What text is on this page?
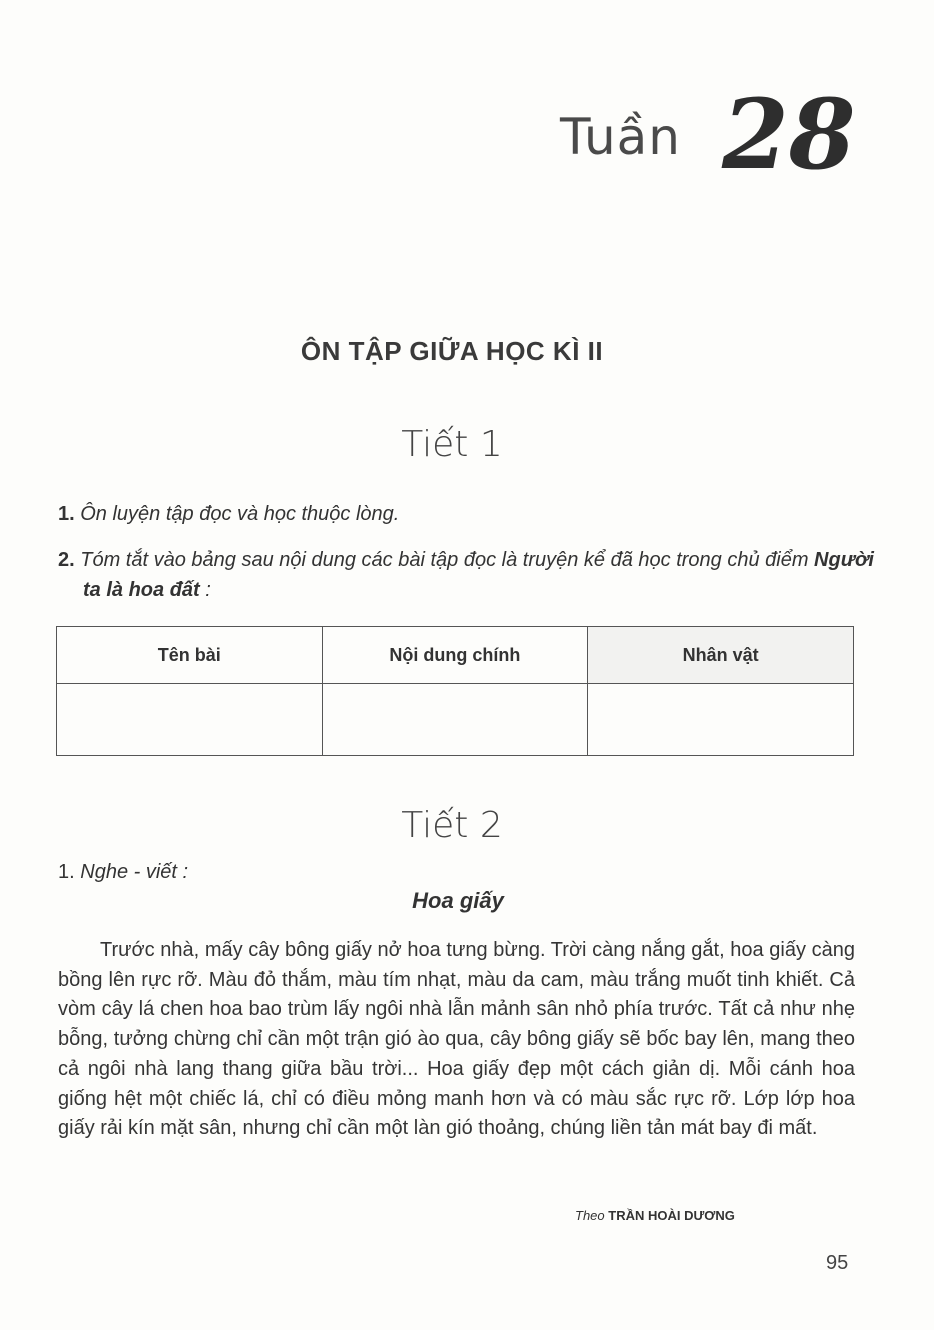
Tuần 28
ÔN TẬP GIỮA HỌC KÌ II
Tiết 1
1. Ôn luyện tập đọc và học thuộc lòng.
2. Tóm tắt vào bảng sau nội dung các bài tập đọc là truyện kể đã học trong chủ điểm Người ta là hoa đất :
Tên bài	Nội dung chính	Nhân vật

Tiết 2
1. Nghe - viết :
Hoa giấy

Trước nhà, mấy cây bông giấy nở hoa tưng bừng. Trời càng nắng gắt, hoa giấy càng bồng lên rực rỡ. Màu đỏ thắm, màu tím nhạt, màu da cam, màu trắng muốt tinh khiết. Cả vòm cây lá chen hoa bao trùm lấy ngôi nhà lẫn mảnh sân nhỏ phía trước. Tất cả như nhẹ bỗng, tưởng chừng chỉ cần một trận gió ào qua, cây bông giấy sẽ bốc bay lên, mang theo cả ngôi nhà lang thang giữa bầu trời... Hoa giấy đẹp một cách giản dị. Mỗi cánh hoa giống hệt một chiếc lá, chỉ có điều mỏng manh hơn và có màu sắc rực rỡ. Lớp lớp hoa giấy rải kín mặt sân, nhưng chỉ cần một làn gió thoảng, chúng liền tản mát bay đi mất.

Theo TRẦN HOÀI DƯƠNG
95
